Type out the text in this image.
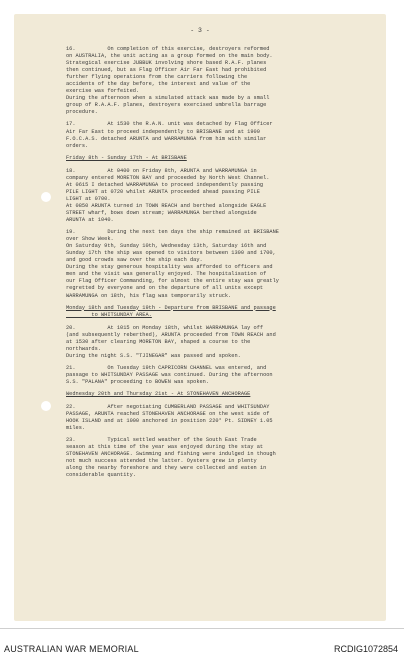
- 3 -
16.          On completion of this exercise, destroyers reformed
on AUSTRALIA, the unit acting as a group formed on the main body.
Strategical exercise JUBBUK involving shore based R.A.F. planes
then continued, but as Flag Officer Air Far East had prohibited
further flying operations from the carriers following the
accidents of the day before, the interest and value of the
exercise was forfeited.
During the afternoon when a simulated attack was made by a small
group of R.A.A.F. planes, destroyers exercised umbrella barrage
procedure.
17.          At 1530 the R.A.N. unit was detached by Flag Officer
Air Far East to proceed independently to BRISBANE and at 1900
F.O.C.A.S. detached ARUNTA and WARRAMUNGA from him with similar
orders.
Friday 8th - Sunday 17th - At BRISBANE
18.          At 0400 on Friday 8th, ARUNTA and WARRAMUNGA in
company entered MORETON BAY and proceeded by North West Channel.
At 0615 I detached WARRAMUNGA to proceed independently passing
PILE LIGHT at 0720 whilst ARUNTA proceeded ahead passing PILE
LIGHT at 0700.
At 0850 ARUNTA turned in TOWN REACH and berthed alongside EAGLE
STREET wharf, bows down stream; WARRAMUNGA berthed alongside
ARUNTA at 1040.
19.          During the next ten days the ship remained at BRISBANE
over Show Week.
On Saturday 9th, Sunday 10th, Wednesday 13th, Saturday 16th and
Sunday 17th the ship was opened to visitors between 1300 and 1700,
and good crowds saw over the ship each day.
During the stay generous hospitality was afforded to officers and
men and the visit was generally enjoyed. The hospitalisation of
our Flag Officer Commanding, for almost the entire stay was greatly
regretted by everyone and on the departure of all units except
WARRAMUNGA on 18th, his flag was temporarily struck.
Monday 18th and Tuesday 19th - Departure from BRISBANE and passage
to WHITSUNDAY AREA.
20.          At 1015 on Monday 18th, whilst WARRAMUNGA lay off
(and subsequently reberthed), ARUNTA proceeded from TOWN REACH and
at 1530 after clearing MORETON BAY, shaped a course to the
northwards.
During the night S.S. "TJINEGAR" was passed and spoken.
21.          On Tuesday 19th CAPRICORN CHANNEL was entered, and
passage to WHITSUNDAY PASSAGE was continued. During the afternoon
S.S. "PALANA" proceeding to BOWEN was spoken.
Wednesday 20th and Thursday 21st - At STONEHAVEN ANCHORAGE
22.          After negotiating CUMBERLAND PASSAGE and WHITSUNDAY
PASSAGE, ARUNTA reached STONEHAVEN ANCHORAGE on the west side of
HOOK ISLAND and at 1000 anchored in position 220° Pt. SIDNEY 1.05
miles.
23.          Typical settled weather of the South East Trade
season at this time of the year was enjoyed during the stay at
STONEHAVEN ANCHORAGE. Swimming and fishing were indulged in though
not much success attended the latter. Oysters grew in plenty
along the nearby foreshore and they were collected and eaten in
considerable quantity.
AUSTRALIAN WAR MEMORIAL	RCDIG1072854
